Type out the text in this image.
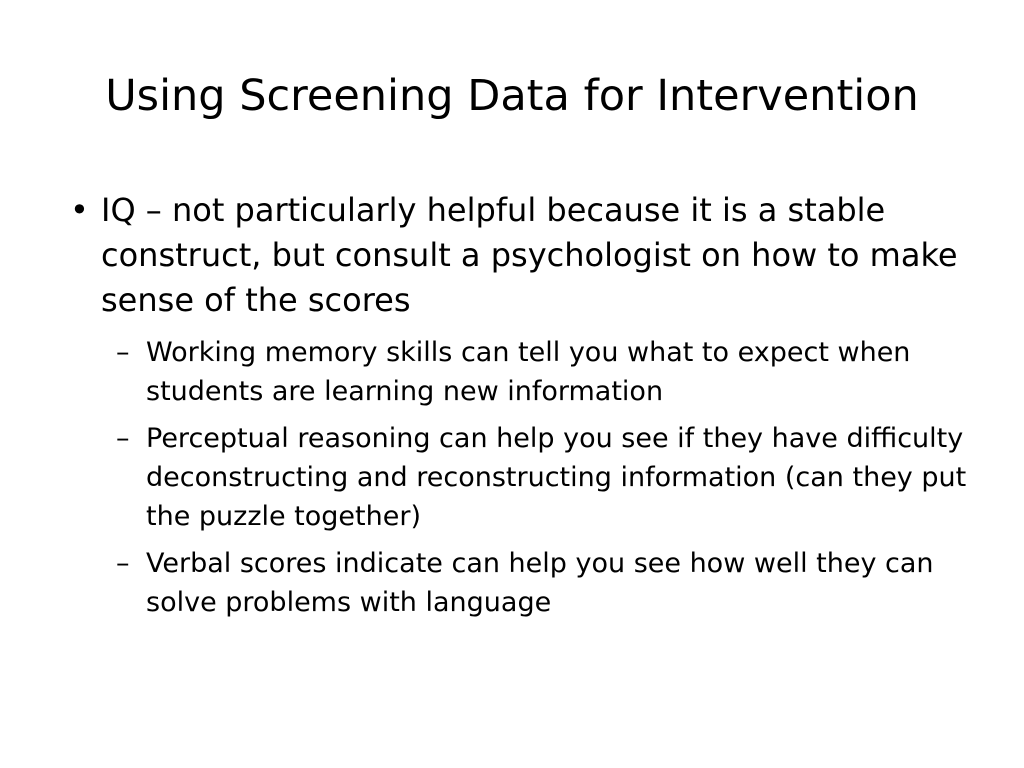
Using Screening Data for Intervention
• IQ – not particularly helpful because it is a stable construct, but consult a psychologist on how to make sense of the scores
– Working memory skills can tell you what to expect when students are learning new information
– Perceptual reasoning can help you see if they have difficulty deconstructing and reconstructing information (can they put the puzzle together)
– Verbal scores indicate can help you see how well they can solve problems with language
